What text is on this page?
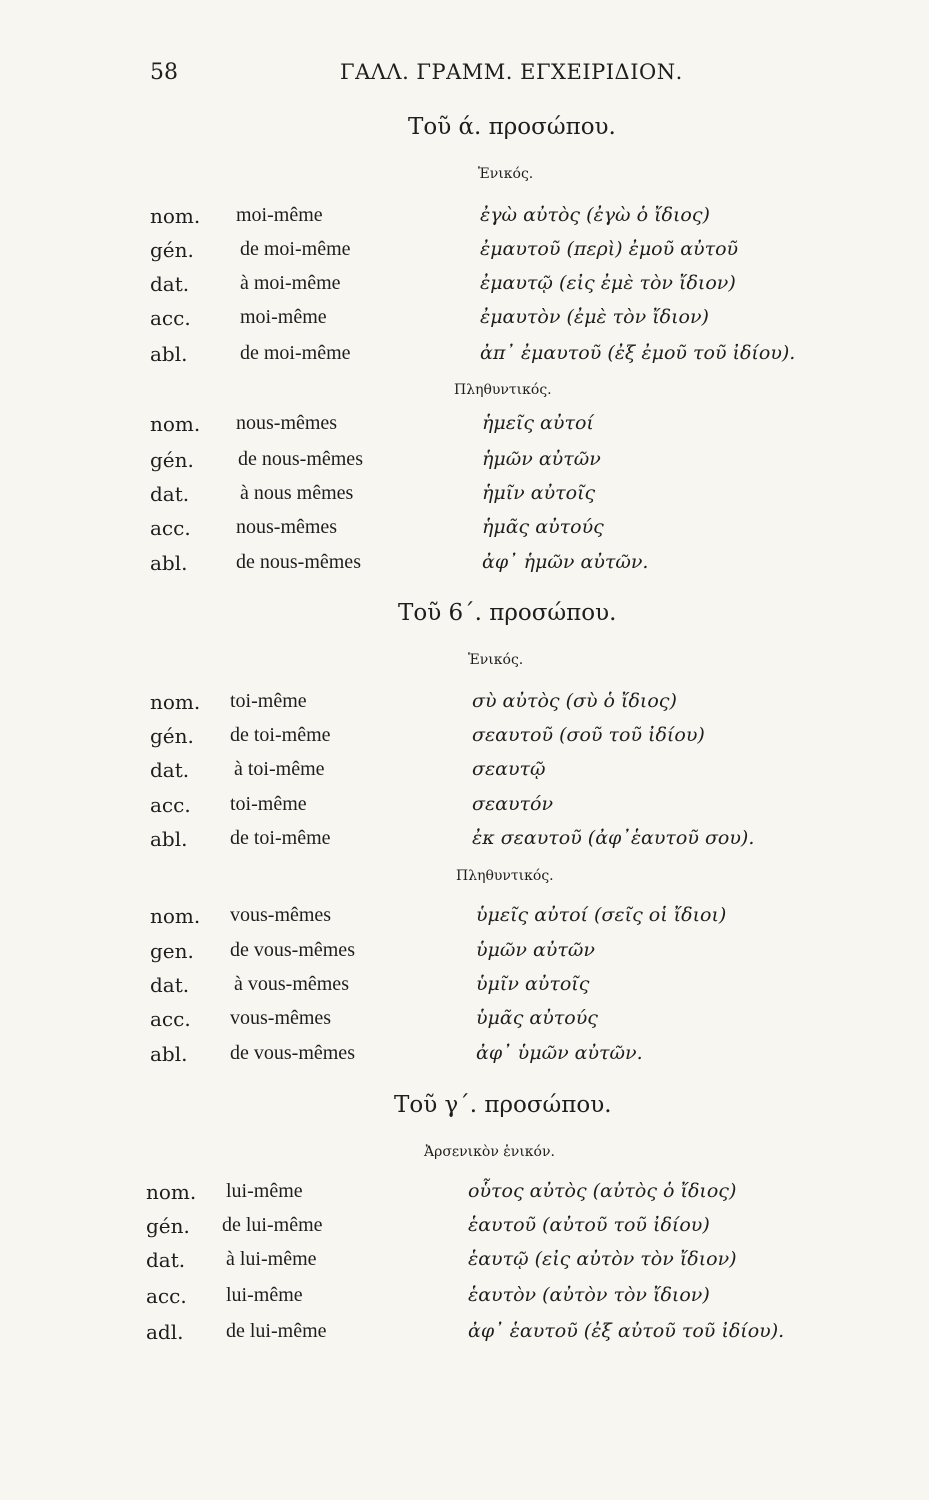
58	ΓΑΛΛ. ΓΡΑΜΜ. ΕΓΧΕΙΡΙΔΙΟΝ.
Τοῦ ά. προσώπου.
Ἑνικός.
nom. moi-même	ἐγὼ αὐτὸς (ἐγὼ ὁ ἴδιος)
gén. de moi-même	ἐμαυτοῦ (περὶ) ἐμοῦ αὐτοῦ
dat.	à moi-même	ἐμαυτῷ (εἰς ἐμὲ τὸν ἴδιον)
acc. moi-même	ἐμαυτὸν (ἐμὲ τὸν ἴδιον)
abl.	de moi-même	ἀπ᾽ ἐμαυτοῦ (ἐξ ἐμοῦ τοῦ ἰδίου).
Πληθυντικός.
nom. nous-mêmes	ἡμεῖς αὐτοί
gén. de nous-mêmes	ἡμῶν αὐτῶν
dat.	à nous mêmes	ἡμῖν αὐτοῖς
acc. nous-mêmes	ἡμᾶς αὐτούς
abl. de nous-mêmes	ἀφ᾽ ἡμῶν αὐτῶν.
Τοῦ 6΄. προσώπου.
Ἑνικός.
nom. toi-même	σὺ αὐτὸς (σὺ ὁ ἴδιος)
gén. de toi-même	σεαυτοῦ (σοῦ τοῦ ἰδίου)
dat. à toi-même	σεαυτῷ
acc. toi-même	σεαυτόν
abl. de toi-même	ἐκ σεαυτοῦ (ἀφ᾽ἑαυτοῦ σου).
Πληθυντικός.
nom. vous-mêmes	ὑμεῖς αὐτοί (σεῖς οἱ ἴδιοι)
gen. de vous-mêmes	ὑμῶν αὐτῶν
dat. à vous-mêmes	ὑμῖν αὐτοῖς
acc. vous-mêmes	ὑμᾶς αὐτούς
abl. de vous-mêmes	ἀφ᾽ ὑμῶν αὐτῶν.
Τοῦ γ΄. προσώπου.
Ἀρσενικὸν ἑνικόν.
nom. lui-même	οὗτος αὐτὸς (αὐτὸς ὁ ἴδιος)
gén. de lui-même	ἑαυτοῦ (αὐτοῦ τοῦ ἰδίου)
dat. à lui-même	ἑαυτῷ (εἰς αὐτὸν τὸν ἴδιον)
acc. lui-même	ἑαυτὸν (αὐτὸν τὸν ἴδιον)
adl. de lui-même	ἀφ᾽ ἑαυτοῦ (ἐξ αὐτοῦ τοῦ ἰδίου).
